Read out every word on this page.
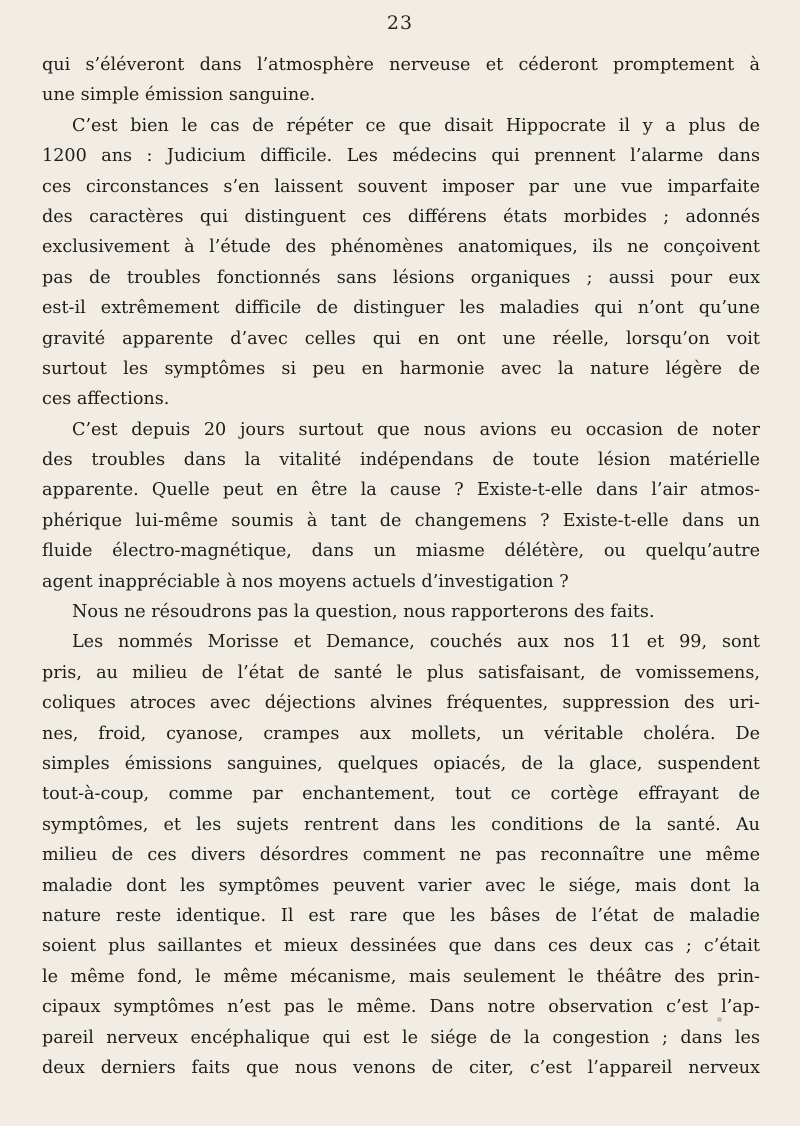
23
qui s’éléveront dans l’atmosphère nerveuse et céderont promptement à
une simple émission sanguine.
C’est bien le cas de répéter ce que disait Hippocrate il y a plus de
1200 ans : Judicium difficile. Les médecins qui prennent l’alarme dans
ces circonstances s’en laissent souvent imposer par une vue imparfaite
des caractères qui distinguent ces différens états morbides ; adonnés
exclusivement à l’étude des phénomènes anatomiques, ils ne conçoivent
pas de troubles fonctionnés sans lésions organiques ; aussi pour eux
est-il extrêmement difficile de distinguer les maladies qui n’ont qu’une
gravité apparente d’avec celles qui en ont une réelle, lorsqu’on voit
surtout les symptômes si peu en harmonie avec la nature légère de
ces affections.
C’est depuis 20 jours surtout que nous avions eu occasion de noter
des troubles dans la vitalité indépendans de toute lésion matérielle
apparente. Quelle peut en être la cause ? Existe-t-elle dans l’air atmos-
phérique lui-même soumis à tant de changemens ? Existe-t-elle dans un
fluide électro-magnétique, dans un miasme délétère, ou quelqu’autre
agent inappréciable à nos moyens actuels d’investigation ?
Nous ne résoudrons pas la question, nous rapporterons des faits.
Les nommés Morisse et Demance, couchés aux nos 11 et 99, sont
pris, au milieu de l’état de santé le plus satisfaisant, de vomissemens,
coliques atroces avec déjections alvines fréquentes, suppression des uri-
nes, froid, cyanose, crampes aux mollets, un véritable choléra. De
simples émissions sanguines, quelques opiacés, de la glace, suspendent
tout-à-coup, comme par enchantement, tout ce cortège effrayant de
symptômes, et les sujets rentrent dans les conditions de la santé. Au
milieu de ces divers désordres comment ne pas reconnaître une même
maladie dont les symptômes peuvent varier avec le siége, mais dont la
nature reste identique. Il est rare que les bâses de l’état de maladie
soient plus saillantes et mieux dessinées que dans ces deux cas ; c’était
le même fond, le même mécanisme, mais seulement le théâtre des prin-
cipaux symptômes n’est pas le même. Dans notre observation c’est l’ap-
pareil nerveux encéphalique qui est le siége de la congestion ; dans les
deux derniers faits que nous venons de citer, c’est l’appareil nerveux
